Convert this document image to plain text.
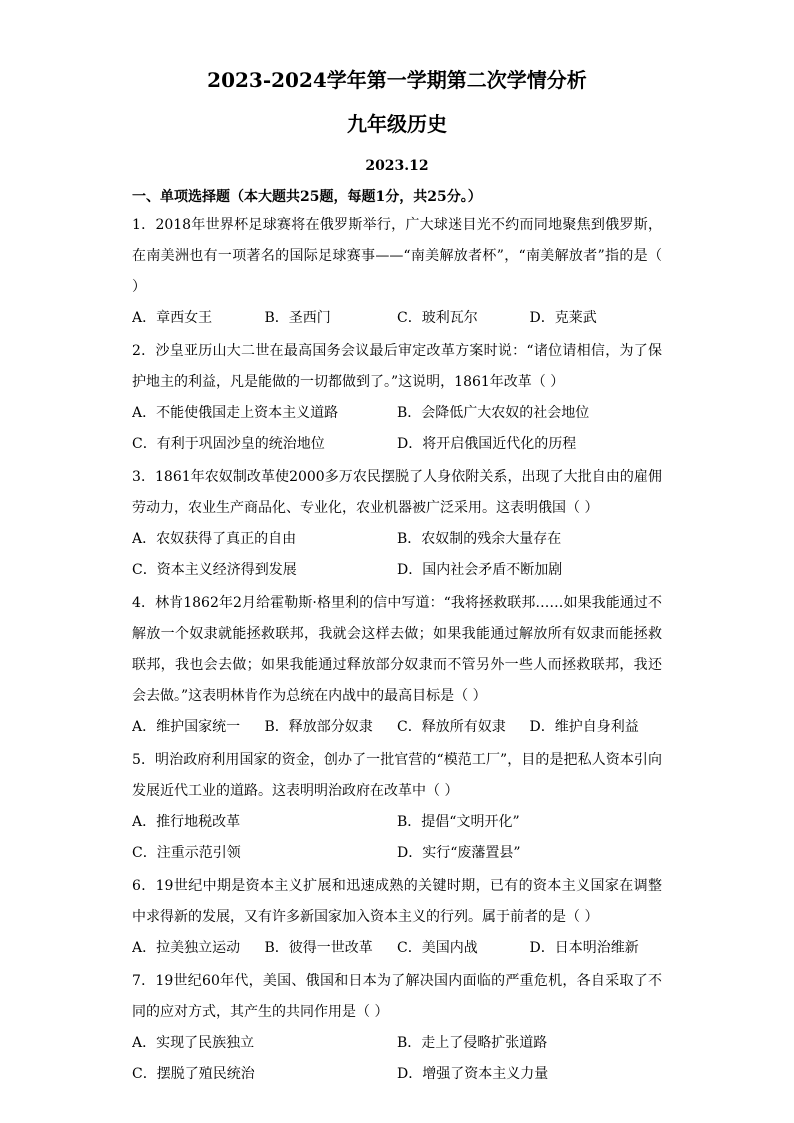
2023-2024学年第一学期第二次学情分析
九年级历史
2023.12
一、单项选择题（本大题共25题，每题1分，共25分。）
1．2018年世界杯足球赛将在俄罗斯举行，广大球迷目光不约而同地聚焦到俄罗斯，在南美洲也有一项著名的国际足球赛事——“南美解放者杯”，“南美解放者”指的是（ ）
A．章西女王	B．圣西门	C．玻利瓦尔	D．克莱武
2．沙皇亚历山大二世在最高国务会议最后审定改革方案时说：“诸位请相信，为了保护地主的利益，凡是能做的一切都做到了。”这说明，1861年改革（ ）
A．不能使俄国走上资本主义道路	B．会降低广大农奴的社会地位
C．有利于巩固沙皇的统治地位	D．将开启俄国近代化的历程
3．1861年农奴制改革使2000多万农民摆脱了人身依附关系，出现了大批自由的雇佣劳动力，农业生产商品化、专业化，农业机器被广泛采用。这表明俄国（ ）
A．农奴获得了真正的自由	B．农奴制的残余大量存在
C．资本主义经济得到发展	D．国内社会矛盾不断加剧
4．林肯1862年2月给霍勒斯·格里利的信中写道：“我将拯救联邦……如果我能通过不解放一个奴隶就能拯救联邦，我就会这样去做；如果我能通过解放所有奴隶而能拯救联邦，我也会去做；如果我能通过释放部分奴隶而不管另外一些人而拯救联邦，我还会去做。”这表明林肯作为总统在内战中的最高目标是（ ）
A．维护国家统一	B．释放部分奴隶	C．释放所有奴隶	D．维护自身利益
5．明治政府利用国家的资金，创办了一批官营的“模范工厂”，目的是把私人资本引向发展近代工业的道路。这表明明治政府在改革中（ ）
A．推行地税改革	B．提倡“文明开化”
C．注重示范引领	D．实行“废藩置县”
6．19世纪中期是资本主义扩展和迅速成熟的关键时期，已有的资本主义国家在调整中求得新的发展，又有许多新国家加入资本主义的行列。属于前者的是（ ）
A．拉美独立运动	B．彼得一世改革	C．美国内战	D．日本明治维新
7．19世纪60年代，美国、俄国和日本为了解决国内面临的严重危机，各自采取了不同的应对方式，其产生的共同作用是（ ）
A．实现了民族独立	B．走上了侵略扩张道路
C．摆脱了殖民统治	D．增强了资本主义力量
